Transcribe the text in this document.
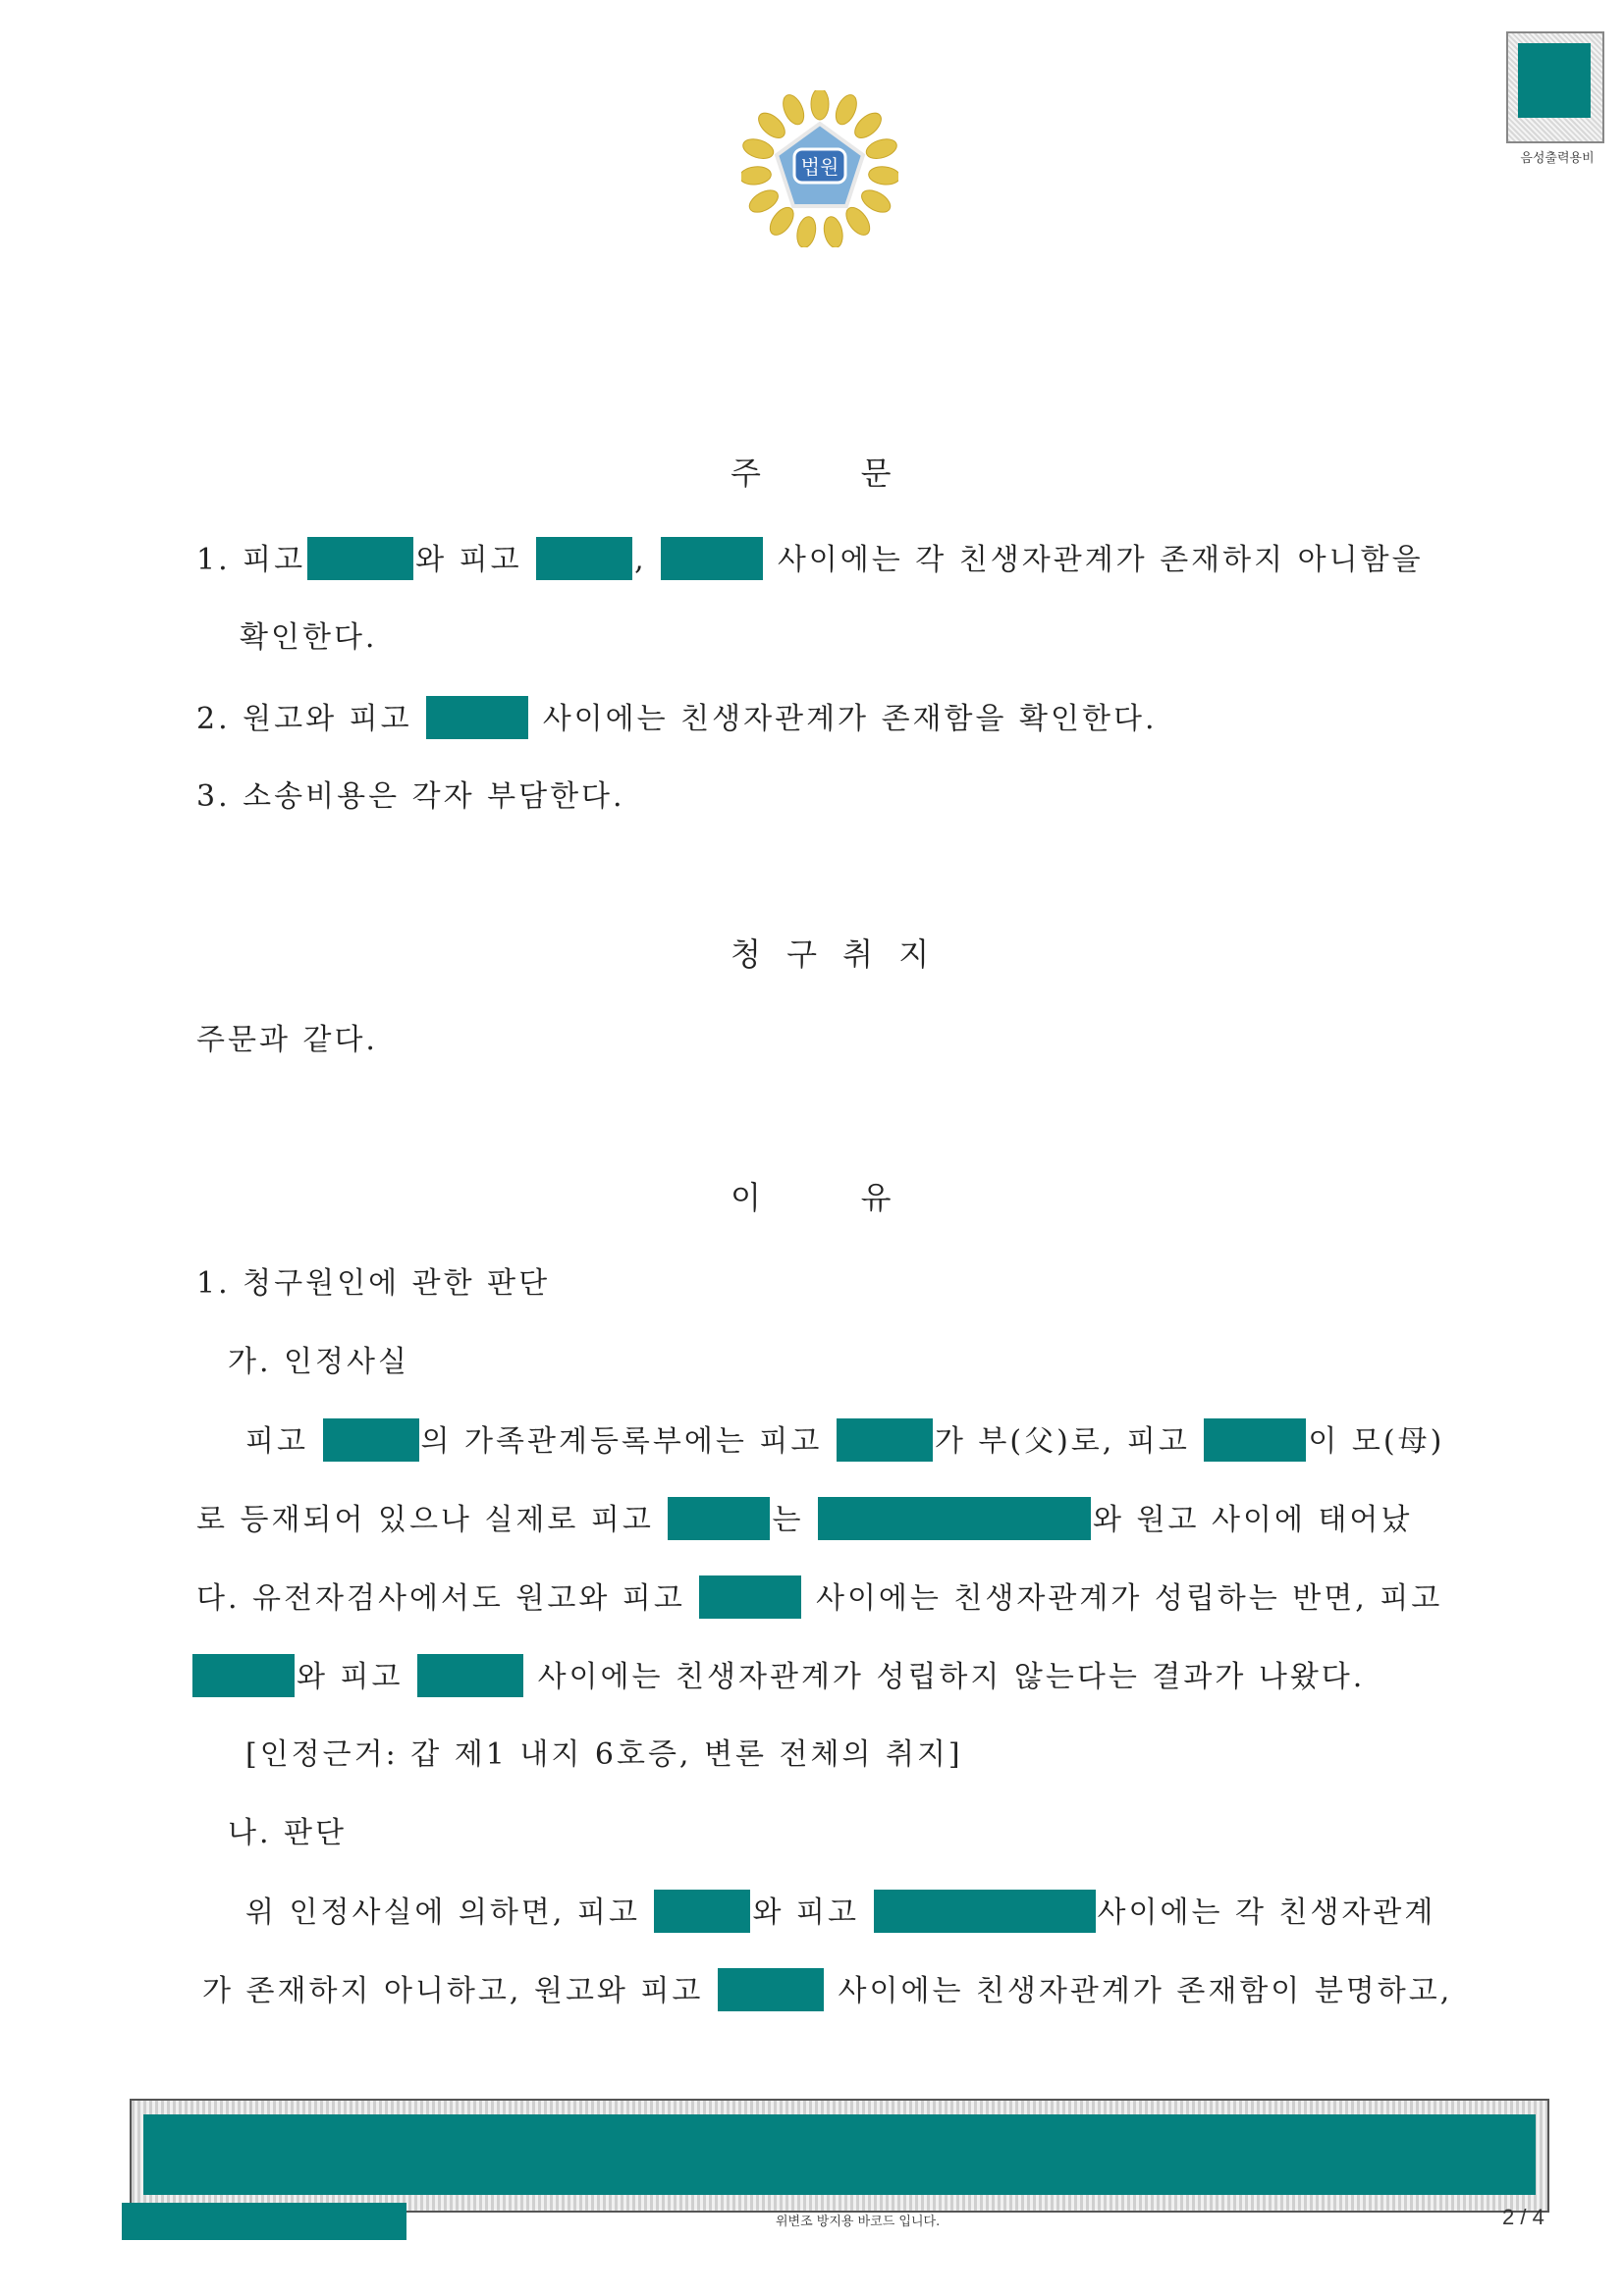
법원	음성출력용비
주          문
1. 피고	와 피고	,	사이에는 각 친생자관계가 존재하지 아니함을
확인한다.
2. 원고와 피고	사이에는 친생자관계가 존재함을 확인한다.
3. 소송비용은 각자 부담한다.
청 구 취 지
주문과 같다.
이          유
1. 청구원인에 관한 판단
가. 인정사실
피고	의 가족관계등록부에는 피고	가 부(父)로, 피고	이 모(母)
로 등재되어 있으나 실제로 피고	는	와 원고 사이에 태어났
다. 유전자검사에서도 원고와 피고	사이에는 친생자관계가 성립하는 반면, 피고
와 피고	사이에는 친생자관계가 성립하지 않는다는 결과가 나왔다.
[인정근거: 갑 제1 내지 6호증, 변론 전체의 취지]
나. 판단
위 인정사실에 의하면, 피고	와 피고	사이에는 각 친생자관계
가 존재하지 아니하고, 원고와 피고	사이에는 친생자관계가 존재함이 분명하고,
위변조 방지용 바코드 입니다.	2 / 4
